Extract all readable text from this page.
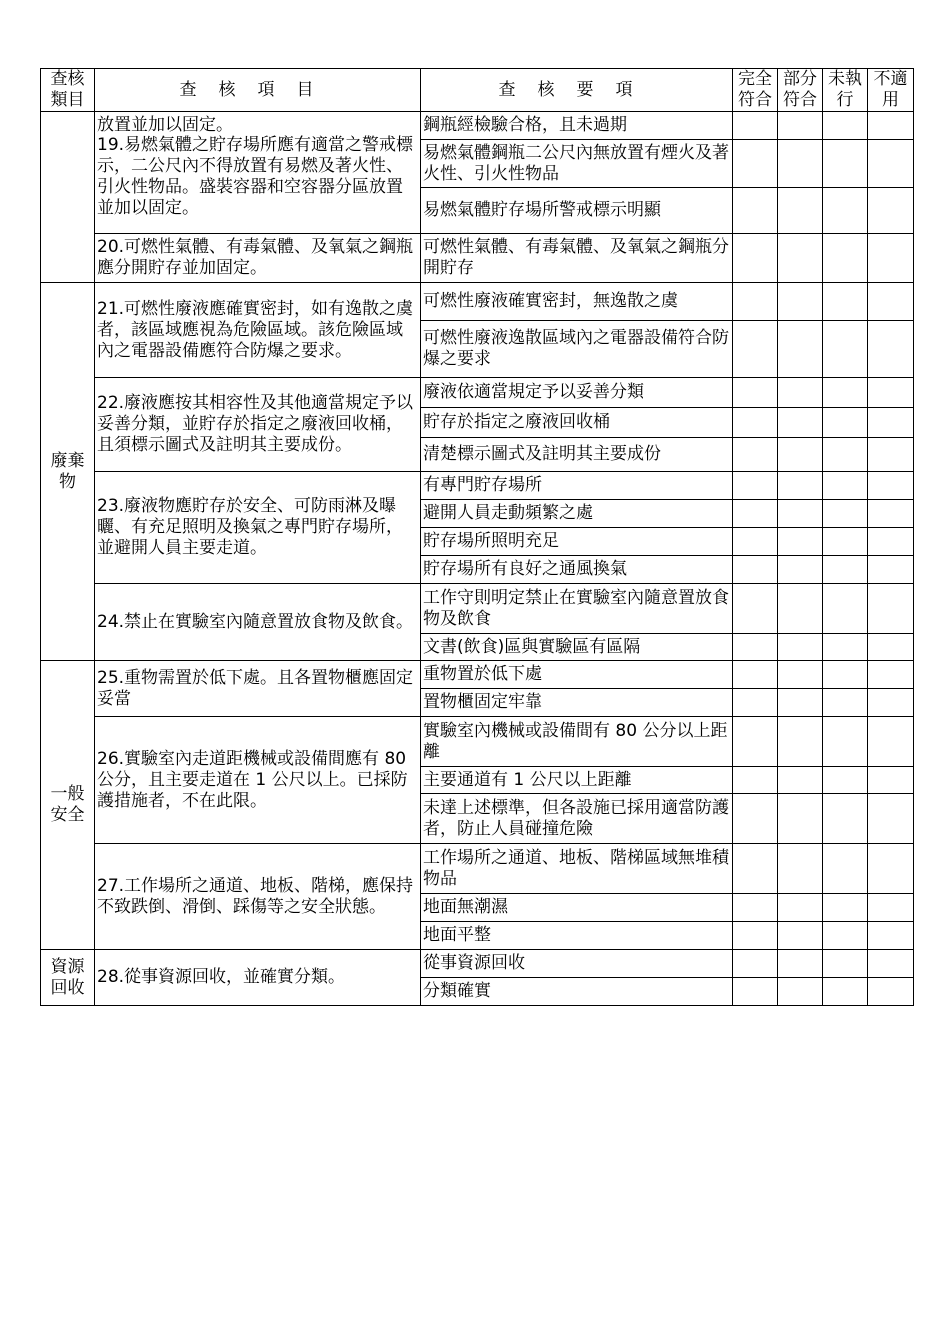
查核類目	查核項目	查核要項	完全符合	部分符合	未執行	不適用

	放置並加以固定。
19.易燃氣體之貯存場所應有適當之警戒標示，二公尺內不得放置有易燃及著火性、引火性物品。盛裝容器和空容器分區放置並加以固定。	鋼瓶經檢驗合格，且未過期				
		易燃氣體鋼瓶二公尺內無放置有煙火及著火性、引火性物品				
		易燃氣體貯存場所警戒標示明顯				
	20.可燃性氣體、有毒氣體、及氧氣之鋼瓶應分開貯存並加固定。	可燃性氣體、有毒氣體、及氧氣之鋼瓶分開貯存				
廢棄物	21.可燃性廢液應確實密封，如有逸散之虞者，該區域應視為危險區域。該危險區域內之電器設備應符合防爆之要求。	可燃性廢液確實密封，無逸散之虞				
		可燃性廢液逸散區域內之電器設備符合防爆之要求				
	22.廢液應按其相容性及其他適當規定予以妥善分類，並貯存於指定之廢液回收桶，且須標示圖式及註明其主要成份。	廢液依適當規定予以妥善分類				
		貯存於指定之廢液回收桶				
		清楚標示圖式及註明其主要成份				
	23.廢液物應貯存於安全、可防雨淋及曝曬、有充足照明及換氣之專門貯存場所，並避開人員主要走道。	有專門貯存場所				
		避開人員走動頻繁之處				
		貯存場所照明充足				
		貯存場所有良好之通風換氣				
	24.禁止在實驗室內隨意置放食物及飲食。	工作守則明定禁止在實驗室內隨意置放食物及飲食				
		文書(飲食)區與實驗區有區隔				
一般安全	25.重物需置於低下處。且各置物櫃應固定妥當	重物置於低下處				
		置物櫃固定牢靠				
	26.實驗室內走道距機械或設備間應有 80 公分，且主要走道在 1 公尺以上。已採防護措施者，不在此限。	實驗室內機械或設備間有 80 公分以上距離				
		主要通道有 1 公尺以上距離				
		未達上述標準，但各設施已採用適當防護者，防止人員碰撞危險				
	27.工作場所之通道、地板、階梯，應保持不致跌倒、滑倒、踩傷等之安全狀態。	工作場所之通道、地板、階梯區域無堆積物品				
		地面無潮濕				
		地面平整				
資源回收	28.從事資源回收，並確實分類。	從事資源回收				
		分類確實				
